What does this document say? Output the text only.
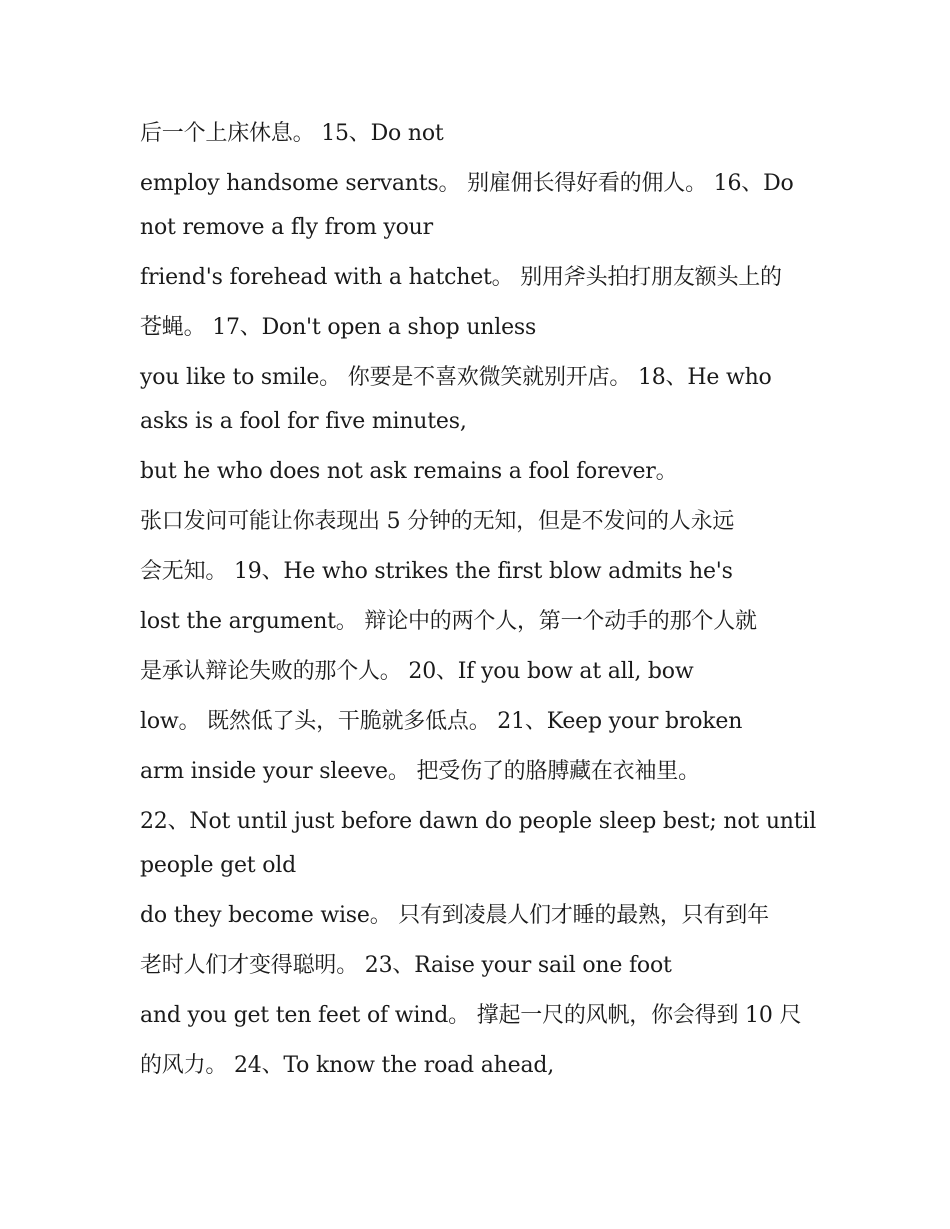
后一个上床休息。 15、Do not

employ handsome servants。 别雇佣长得好看的佣人。 16、Do not remove a fly from your

friend's forehead with a hatchet。 别用斧头拍打朋友额头上的

苍蝇。 17、Don't open a shop unless

you like to smile。 你要是不喜欢微笑就别开店。 18、He who asks is a fool for five minutes,

but he who does not ask remains a fool forever。

张口发问可能让你表现出 5 分钟的无知，但是不发问的人永远

会无知。 19、He who strikes the first blow admits he's

lost the argument。 辩论中的两个人，第一个动手的那个人就

是承认辩论失败的那个人。 20、If you bow at all, bow

low。 既然低了头，干脆就多低点。 21、Keep your broken

arm inside your sleeve。 把受伤了的胳膊藏在衣袖里。

22、Not until just before dawn do people sleep best; not until people get old

do they become wise。 只有到凌晨人们才睡的最熟，只有到年

老时人们才变得聪明。 23、Raise your sail one foot

and you get ten feet of wind。 撑起一尺的风帆，你会得到 10 尺

的风力。 24、To know the road ahead,
